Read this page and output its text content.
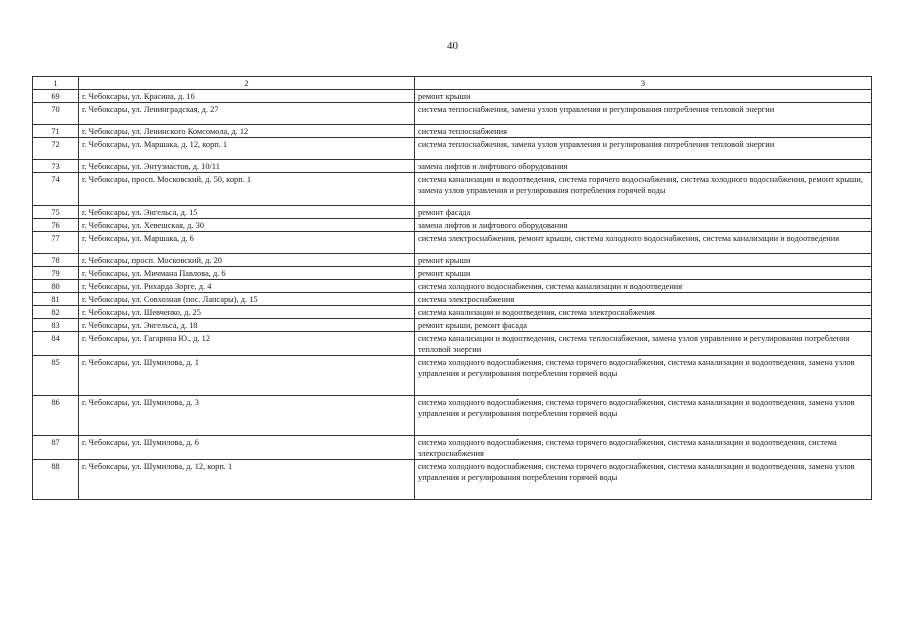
40
1	2	3
69	г. Чебоксары, ул. Красина, д. 16	ремонт крыши
70	г. Чебоксары, ул. Ленинградская, д. 27	система теплоснабжения, замена узлов управления и регулирования потребления тепловой энергии
71	г. Чебоксары, ул. Ленинского Комсомола, д. 12	система теплоснабжения
72	г. Чебоксары, ул. Маршака, д. 12, корп. 1	система теплоснабжения, замена узлов управления и регулирования потребления тепловой энергии
73	г. Чебоксары, ул. Энтузиастов, д. 10/11	замена лифтов и лифтового оборудования
74	г. Чебоксары, просп. Московский, д. 50, корп. 1	система канализации и водоотведения, система горячего водоснабжения, система холодного водоснабжения, ремонт крыши, замена узлов управления и регулирования потребления горячей воды
75	г. Чебоксары, ул. Энгельса, д. 15	ремонт фасада
76	г. Чебоксары, ул. Хевешская, д. 30	замена лифтов и лифтового оборудования
77	г. Чебоксары, ул. Маршака, д. 6	система электроснабжения, ремонт крыши, система холодного водоснабжения, система канализации и водоотведения
78	г. Чебоксары, просп. Московский, д. 20	ремонт крыши
79	г. Чебоксары, ул. Мичмана Павлова, д. 6	ремонт крыши
80	г. Чебоксары, ул. Рихарда Зорге, д. 4	система холодного водоснабжения, система канализации и водоотведения
81	г. Чебоксары, ул. Совхозная (пос. Лапсары), д. 15	система электроснабжения
82	г. Чебоксары, ул. Шевченко, д. 25	система канализации и водоотведения, система электроснабжения
83	г. Чебоксары, ул. Энгельса, д. 18	ремонт крыши, ремонт фасада
84	г. Чебоксары, ул. Гагарина Ю., д. 12	система канализации и водоотведения, система теплоснабжения, замена узлов управления и регулирования потребления тепловой энергии
85	г. Чебоксары, ул. Шумилова, д. 1	система холодного водоснабжения, система горячего водоснабжения, система канализации и водоотведения, замена узлов управления и регулирования потребления горячей воды
86	г. Чебоксары, ул. Шумилова, д. 3	система холодного водоснабжения, система горячего водоснабжения, система канализации и водоотведения, замена узлов управления и регулирования потребления горячей воды
87	г. Чебоксары, ул. Шумилова, д. 6	система холодного водоснабжения, система горячего водоснабжения, система канализации и водоотведения, система электроснабжения
88	г. Чебоксары, ул. Шумилова, д. 12, корп. 1	система холодного водоснабжения, система горячего водоснабжения, система канализации и водоотведения, замена узлов управления и регулирования потребления горячей воды
